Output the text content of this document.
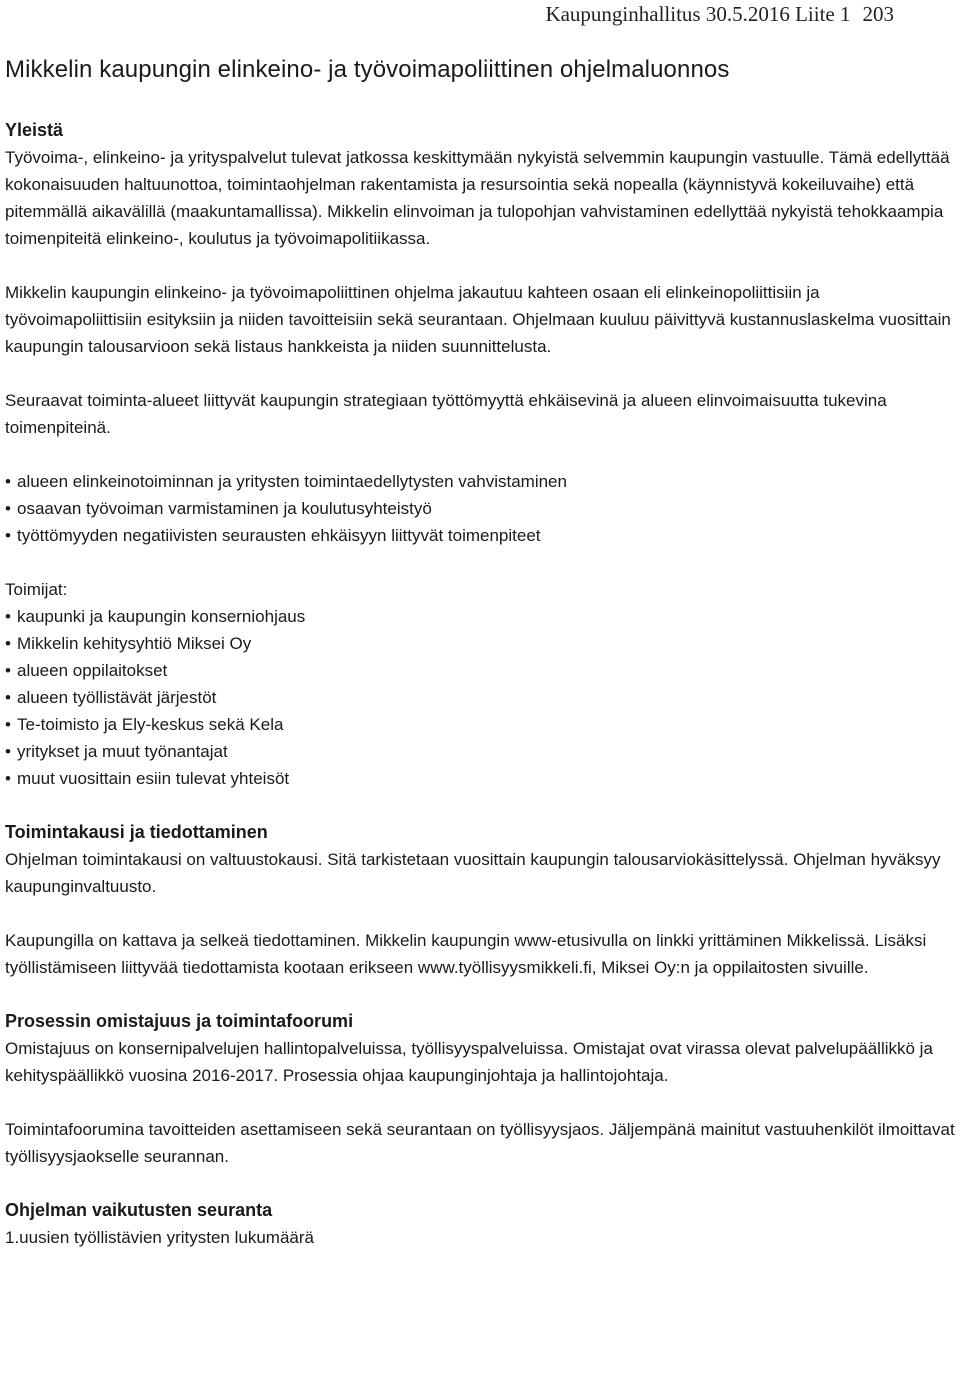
Kaupunginhallitus 30.5.2016 Liite 1 203
Mikkelin kaupungin elinkeino- ja työvoimapoliittinen ohjelmaluonnos

Yleistä

Työvoima-, elinkeino- ja yrityspalvelut tulevat jatkossa keskittymään nykyistä selvemmin kaupungin vastuulle. Tämä edellyttää kokonaisuuden haltuunottoa, toimintaohjelman rakentamista ja resursointia sekä nopealla (käynnistyvä kokeiluvaihe) että pitemmällä aikavälillä (maakuntamallissa). Mikkelin elinvoiman ja tulopohjan vahvistaminen edellyttää nykyistä tehokkaampia toimenpiteitä elinkeino-, koulutus ja työvoimapolitiikassa.

Mikkelin kaupungin elinkeino- ja työvoimapoliittinen ohjelma jakautuu kahteen osaan eli elinkeinopoliittisiin ja työvoimapoliittisiin esityksiin ja niiden tavoitteisiin sekä seurantaan. Ohjelmaan kuuluu päivittyvä kustannuslaskelma vuosittain kaupungin talousarvioon sekä listaus hankkeista ja niiden suunnittelusta.

Seuraavat toiminta-alueet liittyvät kaupungin strategiaan työttömyyttä ehkäisevinä ja alueen elinvoimaisuutta tukevina toimenpiteinä.

• alueen elinkeinotoiminnan ja yritysten toimintaedellytysten vahvistaminen
• osaavan työvoiman varmistaminen ja koulutusyhteistyö
• työttömyyden negatiivisten seurausten ehkäisyyn liittyvät toimenpiteet

Toimijat:

• kaupunki ja kaupungin konserniohjaus
• Mikkelin kehitysyhtiö Miksei Oy
• alueen oppilaitokset
• alueen työllistävät järjestöt
• Te-toimisto ja Ely-keskus sekä Kela
• yritykset ja muut työnantajat
• muut vuosittain esiin tulevat yhteisöt

Toimintakausi ja tiedottaminen

Ohjelman toimintakausi on valtuustokausi. Sitä tarkistetaan vuosittain kaupungin talousarviokäsittelyssä. Ohjelman hyväksyy kaupunginvaltuusto.

Kaupungilla on kattava ja selkeä tiedottaminen. Mikkelin kaupungin www-etusivulla on linkki yrittäminen Mikkelissä. Lisäksi työllistämiseen liittyvää tiedottamista kootaan erikseen www.työllisyysmikkeli.fi, Miksei Oy:n ja oppilaitosten sivuille.

Prosessin omistajuus ja toimintafoorumi

Omistajuus on konsernipalvelujen hallintopalveluissa, työllisyyspalveluissa. Omistajat ovat virassa olevat palvelupäällikkö ja kehityspäällikkö vuosina 2016-2017. Prosessia ohjaa kaupunginjohtaja ja hallintojohtaja.

Toimintafoorumina tavoitteiden asettamiseen sekä seurantaan on työllisyysjaos. Jäljempänä mainitut vastuuhenkilöt ilmoittavat työllisyysjaokselle seurannan.

Ohjelman vaikutusten seuranta

1.uusien työllistävien yritysten lukumäärä
